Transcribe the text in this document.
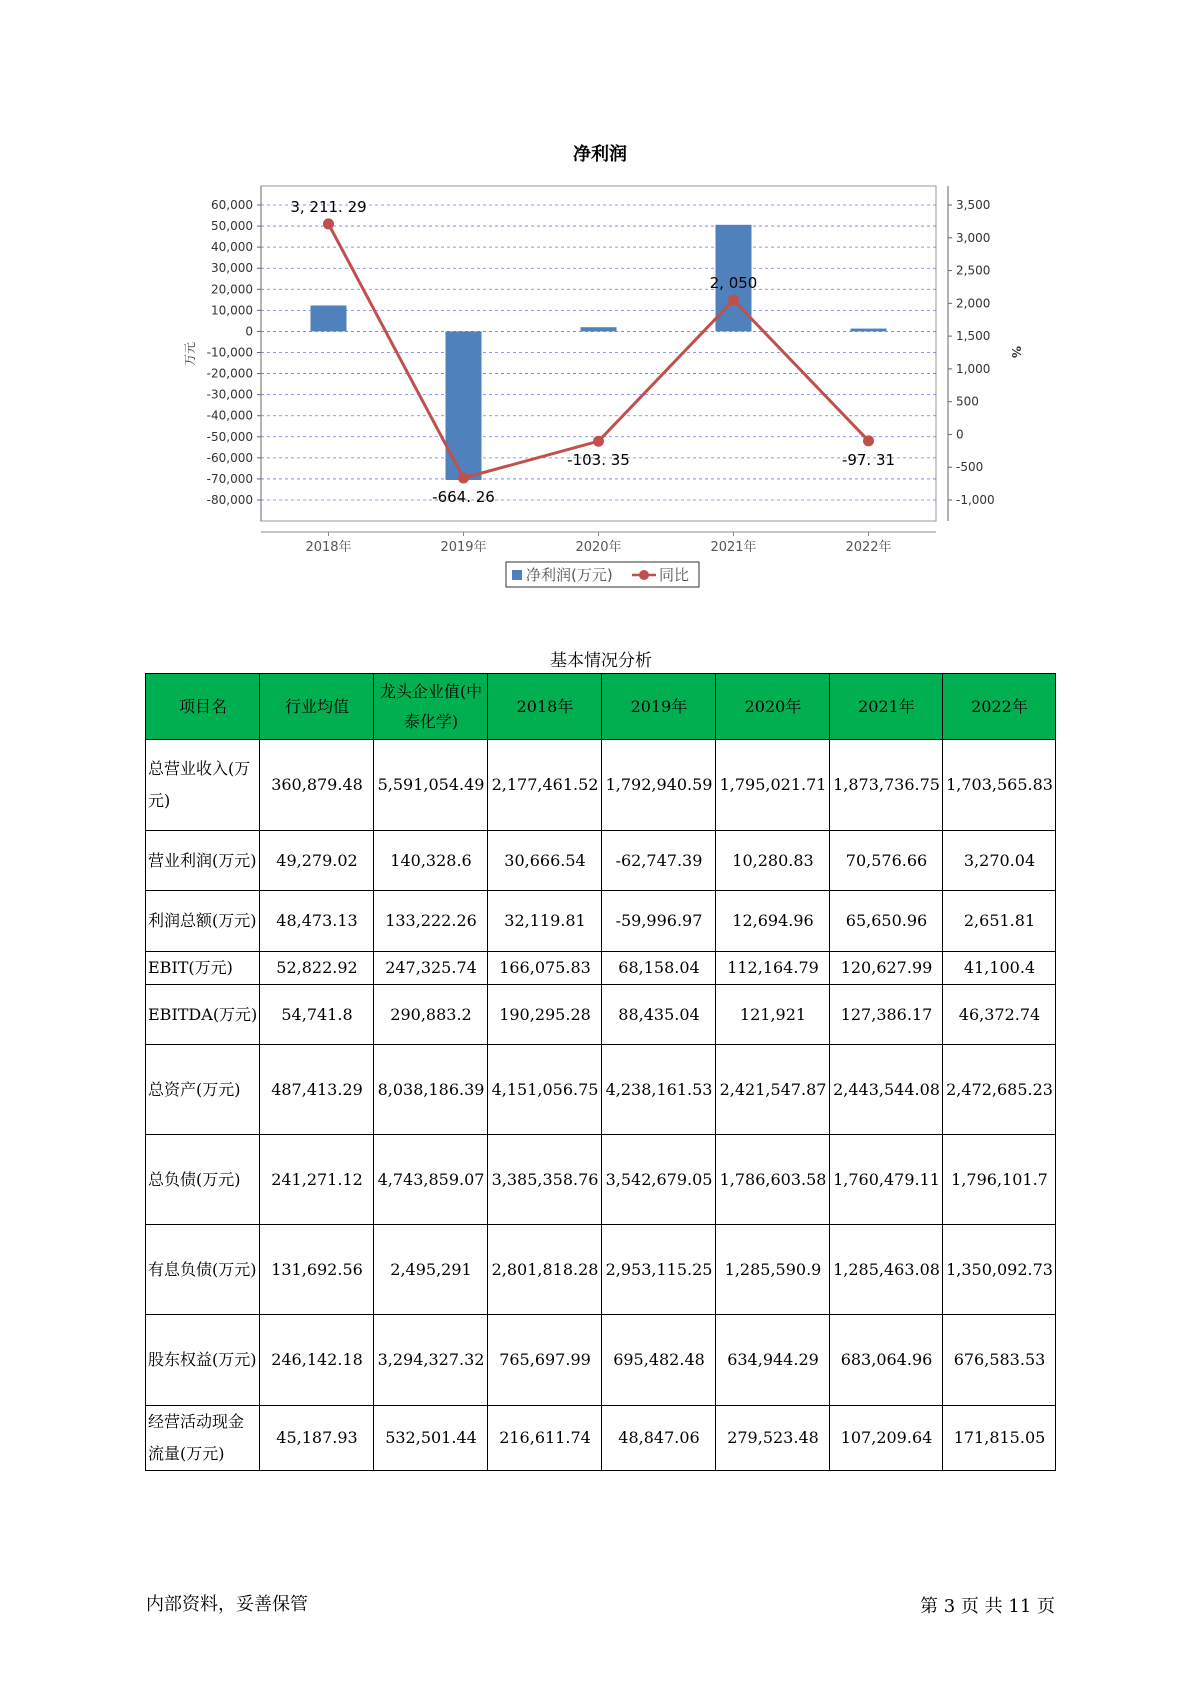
净利润
60,000
50,000
40,000
30,000
20,000
10,000
0
-10,000
-20,000
-30,000
-40,000
-50,000
-60,000
-70,000
-80,000
3,500
3,000
2,500
2,000
1,500
1,000
500
0
-500
-1,000
2018年	2019年	2020年	2021年	2022年
万元	%
3, 211. 29
-664. 26
-103. 35
2, 050
-97. 31
净利润(万元)	同比
基本情况分析
项目名	行业均值	龙头企业值(中泰化学)	2018年	2019年	2020年	2021年	2022年
总营业收入(万元)	360,879.48	5,591,054.49	2,177,461.52	1,792,940.59	1,795,021.71	1,873,736.75	1,703,565.83
营业利润(万元)	49,279.02	140,328.6	30,666.54	-62,747.39	10,280.83	70,576.66	3,270.04
利润总额(万元)	48,473.13	133,222.26	32,119.81	-59,996.97	12,694.96	65,650.96	2,651.81
EBIT(万元)	52,822.92	247,325.74	166,075.83	68,158.04	112,164.79	120,627.99	41,100.4
EBITDA(万元)	54,741.8	290,883.2	190,295.28	88,435.04	121,921	127,386.17	46,372.74
总资产(万元)	487,413.29	8,038,186.39	4,151,056.75	4,238,161.53	2,421,547.87	2,443,544.08	2,472,685.23
总负债(万元)	241,271.12	4,743,859.07	3,385,358.76	3,542,679.05	1,786,603.58	1,760,479.11	1,796,101.7
有息负债(万元)	131,692.56	2,495,291	2,801,818.28	2,953,115.25	1,285,590.9	1,285,463.08	1,350,092.73
股东权益(万元)	246,142.18	3,294,327.32	765,697.99	695,482.48	634,944.29	683,064.96	676,583.53
经营活动现金流量(万元)	45,187.93	532,501.44	216,611.74	48,847.06	279,523.48	107,209.64	171,815.05
内部资料，妥善保管	第 3 页 共 11 页
